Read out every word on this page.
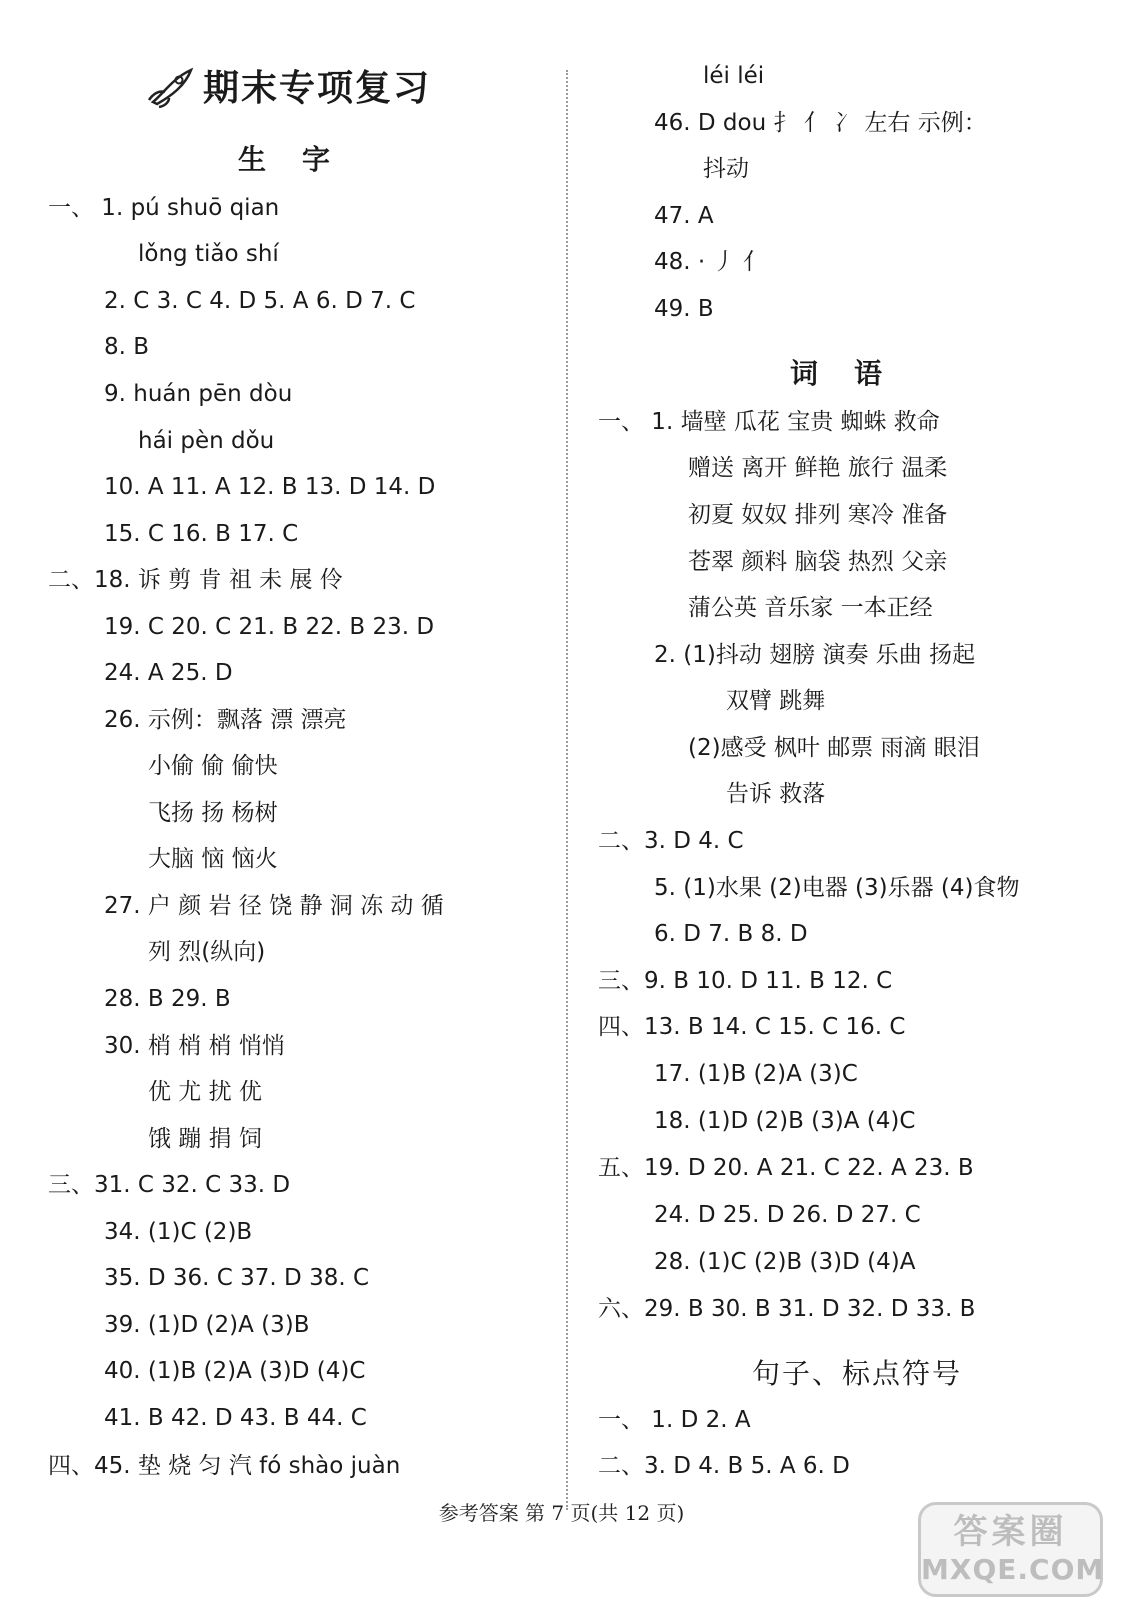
期末专项复习
生字
一、 1. pú shuō qian
lǒng tiǎo shí
2. C 3. C 4. D 5. A 6. D 7. C
8. B
9. huán pēn dòu
hái pèn dǒu
10. A 11. A 12. B 13. D 14. D
15. C 16. B 17. C
二、18. 诉 剪 肯 祖 未 展 伶
19. C 20. C 21. B 22. B 23. D
24. A 25. D
26. 示例：飘落 漂 漂亮
小偷 偷 偷快
飞扬 扬 杨树
大脑 恼 恼火
27. 户 颜 岩 径 饶 静 洞 冻 动 循
列 烈(纵向)
28. B 29. B
30. 梢 梢 梢 悄悄
优 尤 扰 优
饿 蹦 捐 饲
三、31. C 32. C 33. D
34. (1)C (2)B
35. D 36. C 37. D 38. C
39. (1)D (2)A (3)B
40. (1)B (2)A (3)D (4)C
41. B 42. D 43. B 44. C
四、45. 垫 烧 匀 汽 fó shào juàn
léi léi
46. D dou 扌 亻 冫 左右 示例：
抖动
47. A
48. · 丿 亻
49. B
词语
一、 1. 墙壁 瓜花 宝贵 蜘蛛 救命
赠送 离开 鲜艳 旅行 温柔
初夏 奴奴 排列 寒冷 准备
苍翠 颜料 脑袋 热烈 父亲
蒲公英 音乐家 一本正经
2. (1)抖动 翅膀 演奏 乐曲 扬起
双臂 跳舞
(2)感受 枫叶 邮票 雨滴 眼泪
告诉 救落
二、3. D 4. C
5. (1)水果 (2)电器 (3)乐器 (4)食物
6. D 7. B 8. D
三、9. B 10. D 11. B 12. C
四、13. B 14. C 15. C 16. C
17. (1)B (2)A (3)C
18. (1)D (2)B (3)A (4)C
五、19. D 20. A 21. C 22. A 23. B
24. D 25. D 26. D 27. C
28. (1)C (2)B (3)D (4)A
六、29. B 30. B 31. D 32. D 33. B
句子、标点符号
一、 1. D 2. A
二、3. D 4. B 5. A 6. D
参考答案 第 7 页(共 12 页)	答案圈
MXQE.COM
